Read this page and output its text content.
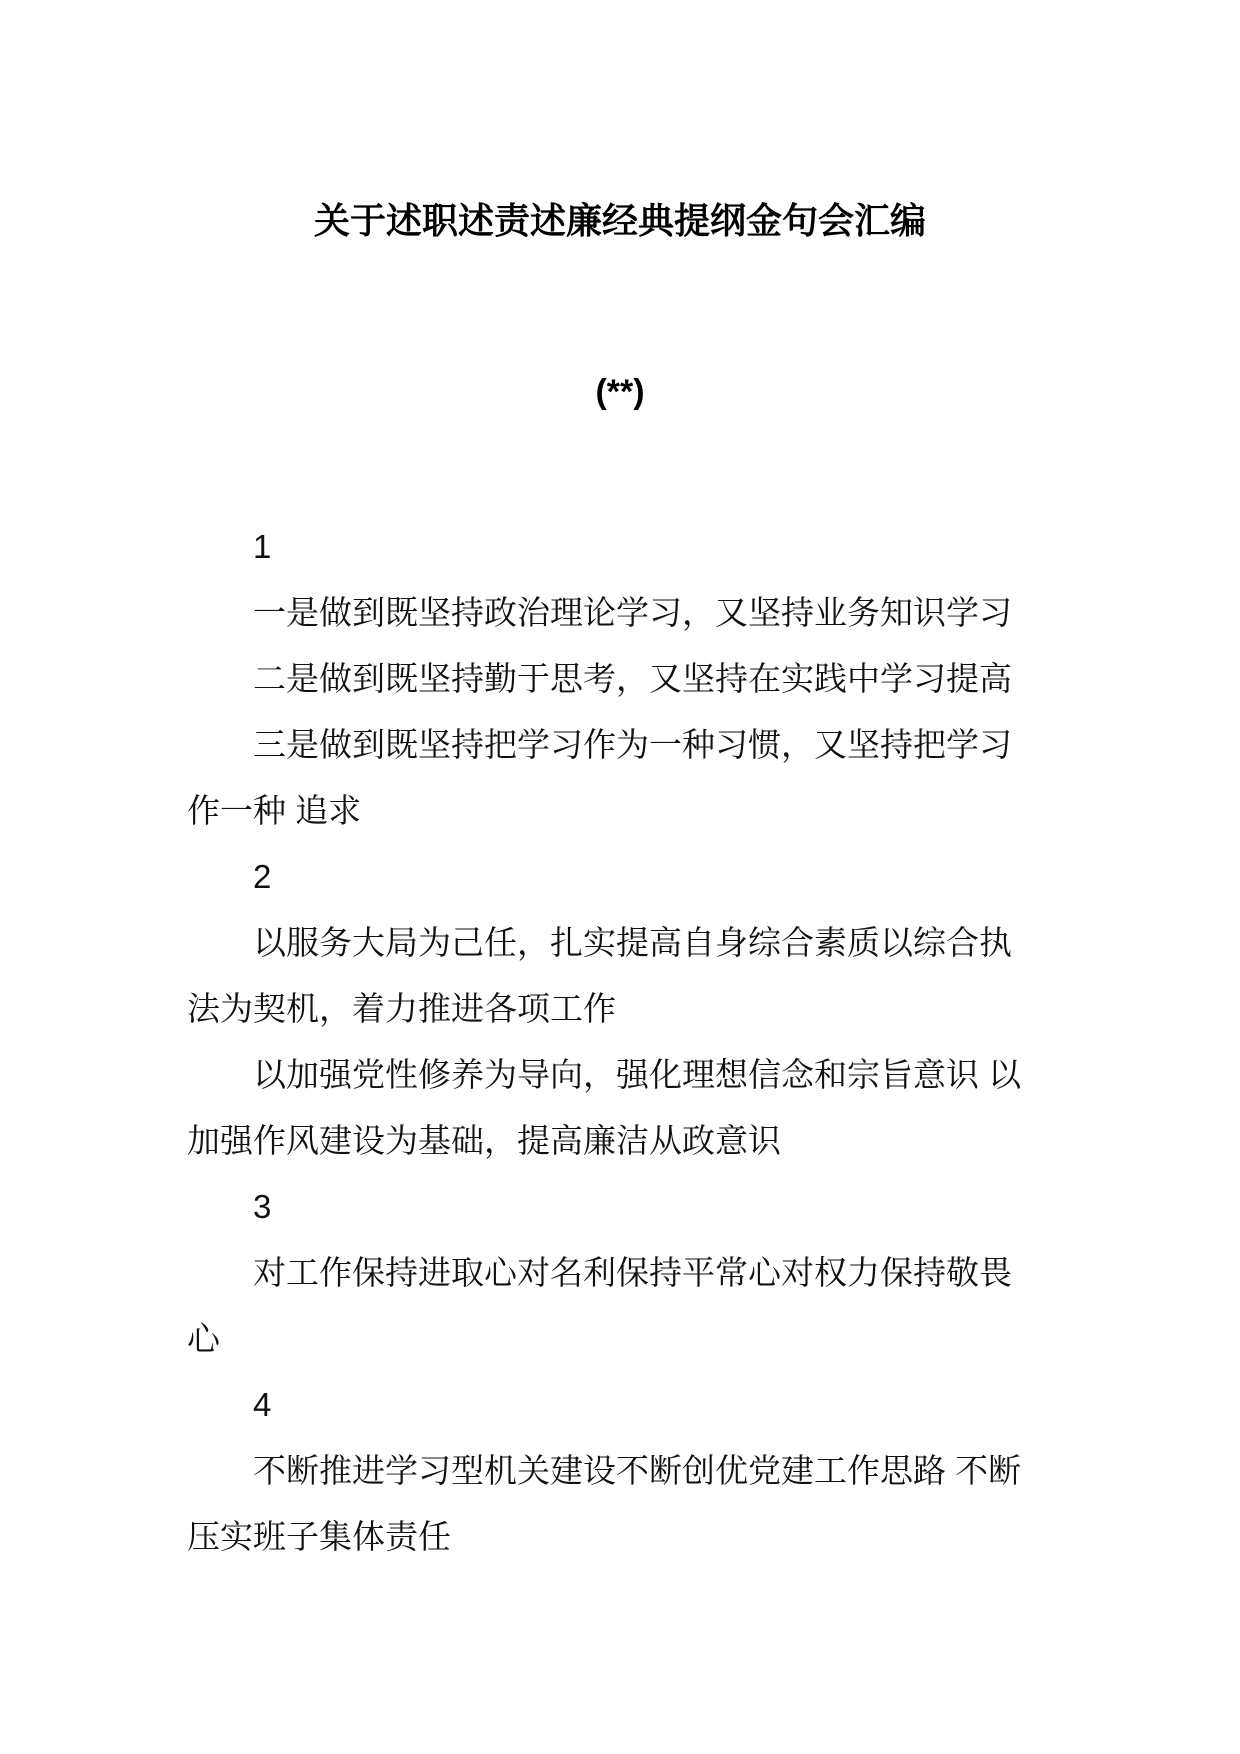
关于述职述责述廉经典提纲金句会汇编
(**)
1
一是做到既坚持政治理论学习，又坚持业务知识学习
二是做到既坚持勤于思考，又坚持在实践中学习提高
三是做到既坚持把学习作为一种习惯，又坚持把学习
作一种 追求
2
以服务大局为己任，扎实提高自身综合素质以综合执
法为契机，着力推进各项工作
以加强党性修养为导向，强化理想信念和宗旨意识 以
加强作风建设为基础，提高廉洁从政意识
3
对工作保持进取心对名利保持平常心对权力保持敬畏
心
4
不断推进学习型机关建设不断创优党建工作思路 不断
压实班子集体责任
